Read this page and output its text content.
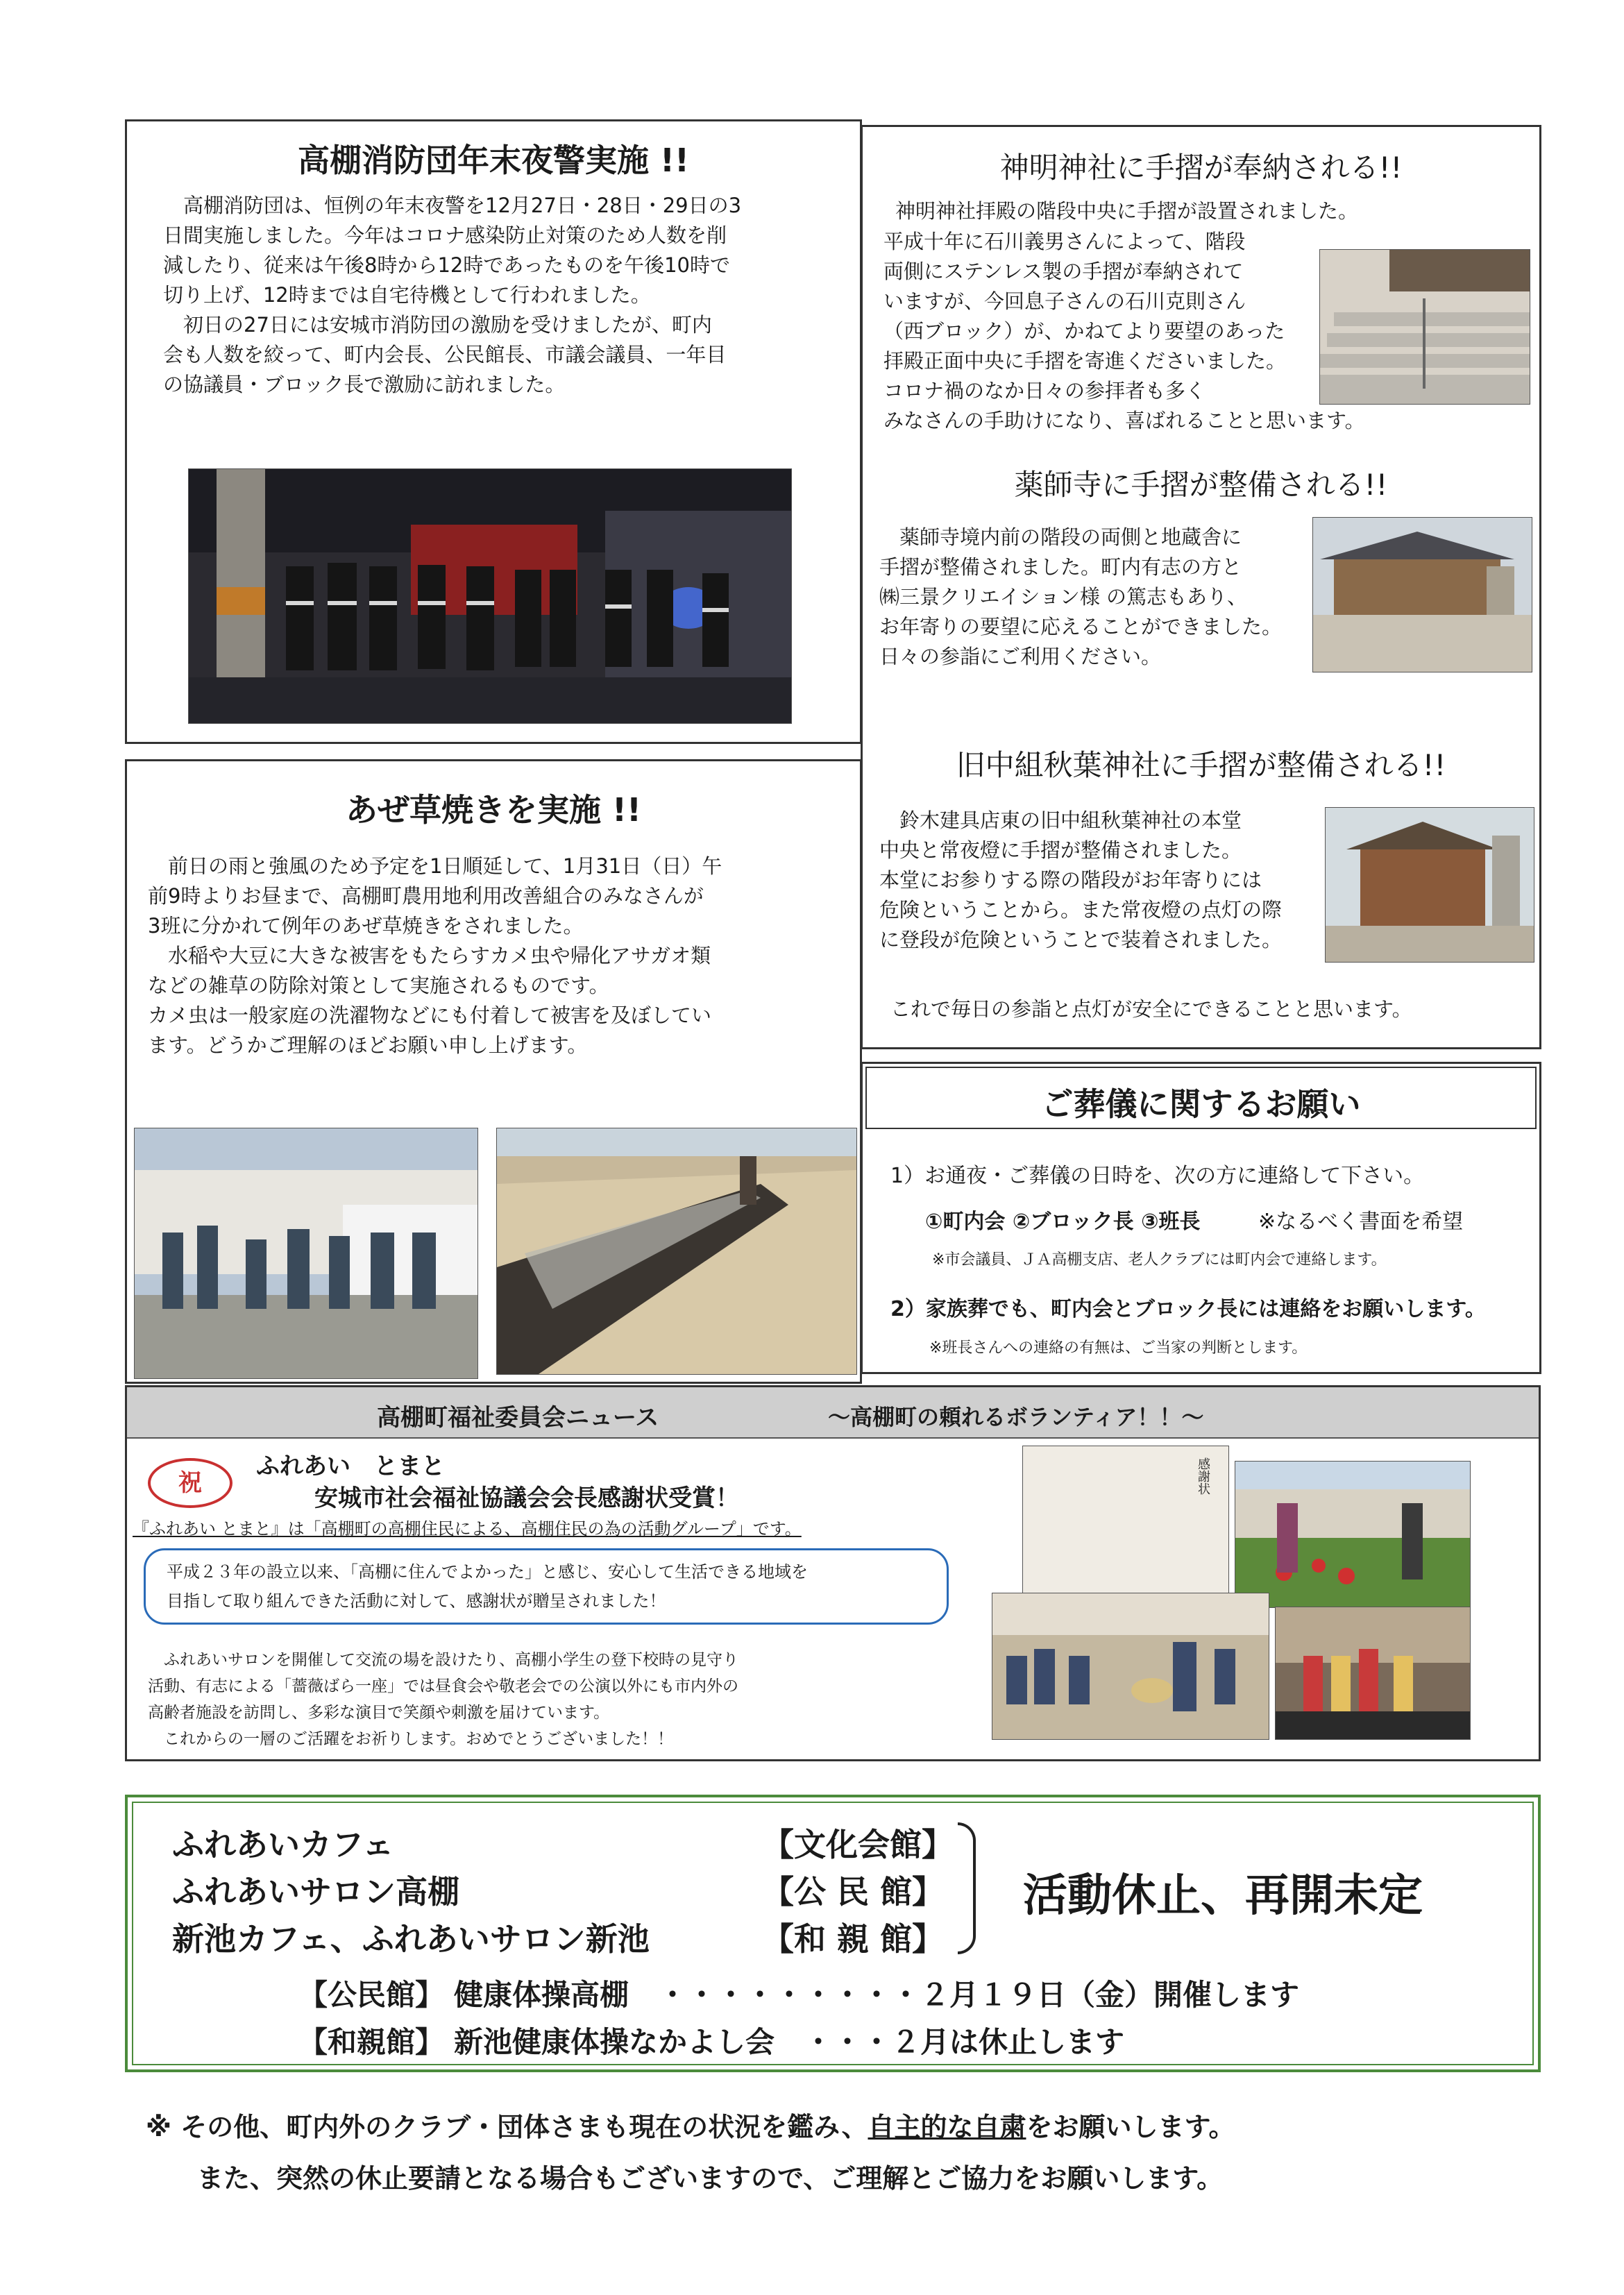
高棚消防団年末夜警実施 !!
　高棚消防団は、恒例の年末夜警を12月27日・28日・29日の3
日間実施しました。今年はコロナ感染防止対策のため人数を削
減したり、従来は午後8時から12時であったものを午後10時で
切り上げ、12時までは自宅待機として行われました。
　初日の27日には安城市消防団の激励を受けましたが、町内
会も人数を絞って、町内会長、公民館長、市議会議員、一年目
の協議員・ブロック長で激励に訪れました。
あぜ草焼きを実施 !!
　前日の雨と強風のため予定を1日順延して、1月31日（日）午
前9時よりお昼まで、高棚町農用地利用改善組合のみなさんが
3班に分かれて例年のあぜ草焼きをされました。
　水稲や大豆に大きな被害をもたらすカメ虫や帰化アサガオ類
などの雑草の防除対策として実施されるものです。
カメ虫は一般家庭の洗濯物などにも付着して被害を及ぼしてい
ます。どうかご理解のほどお願い申し上げます。
神明神社に手摺が奉納される!!
　神明神社拝殿の階段中央に手摺が設置されました。
平成十年に石川義男さんによって、階段
両側にステンレス製の手摺が奉納されて
いますが、今回息子さんの石川克則さん
（西ブロック）が、かねてより要望のあった
拝殿正面中央に手摺を寄進くださいました。
コロナ禍のなか日々の参拝者も多く
みなさんの手助けになり、喜ばれることと思います。
薬師寺に手摺が整備される!!
　薬師寺境内前の階段の両側と地蔵舎に
手摺が整備されました。町内有志の方と
㈱三景クリエイション様 の篤志もあり、
お年寄りの要望に応えることができました。
日々の参詣にご利用ください。
旧中組秋葉神社に手摺が整備される!!
　鈴木建具店東の旧中組秋葉神社の本堂
中央と常夜燈に手摺が整備されました。
本堂にお参りする際の階段がお年寄りには
危険ということから。また常夜燈の点灯の際
に登段が危険ということで装着されました。
これで毎日の参詣と点灯が安全にできることと思います。
ご葬儀に関するお願い
1）お通夜・ご葬儀の日時を、次の方に連絡して下さい。
①町内会 ②ブロック長 ③班長	※なるべく書面を希望
※市会議員、ＪＡ高棚支店、老人クラブには町内会で連絡します。
2）家族葬でも、町内会とブロック長には連絡をお願いします。
※班長さんへの連絡の有無は、ご当家の判断とします。
高棚町福祉委員会ニュース	～高棚町の頼れるボランティア！！～
祝
ふれあい　とまと
安城市社会福祉協議会会長感謝状受賞！
『ふれあい とまと』は「高棚町の高棚住民による、高棚住民の為の活動グループ」です。
平成２３年の設立以来、「高棚に住んでよかった」と感じ、安心して生活できる地域を
目指して取り組んできた活動に対して、感謝状が贈呈されました！
　ふれあいサロンを開催して交流の場を設けたり、高棚小学生の登下校時の見守り
活動、有志による「薔薇ばら一座」では昼食会や敬老会での公演以外にも市内外の
高齢者施設を訪問し、多彩な演目で笑顔や刺激を届けています。
　これからの一層のご活躍をお祈りします。おめでとうございました！！
感謝状
ふれあいカフェ	【文化会館】
ふれあいサロン高棚	【公 民 館】
新池カフェ、ふれあいサロン新池	【和 親 館】
活動休止、再開未定
【公民館】 健康体操高棚　・・・・・・・・・２月１９日（金）開催します
【和親館】 新池健康体操なかよし会　・・・２月は休止します
※ その他、町内外のクラブ・団体さまも現在の状況を鑑み、自主的な自粛をお願いします。
また、突然の休止要請となる場合もございますので、ご理解とご協力をお願いします。
